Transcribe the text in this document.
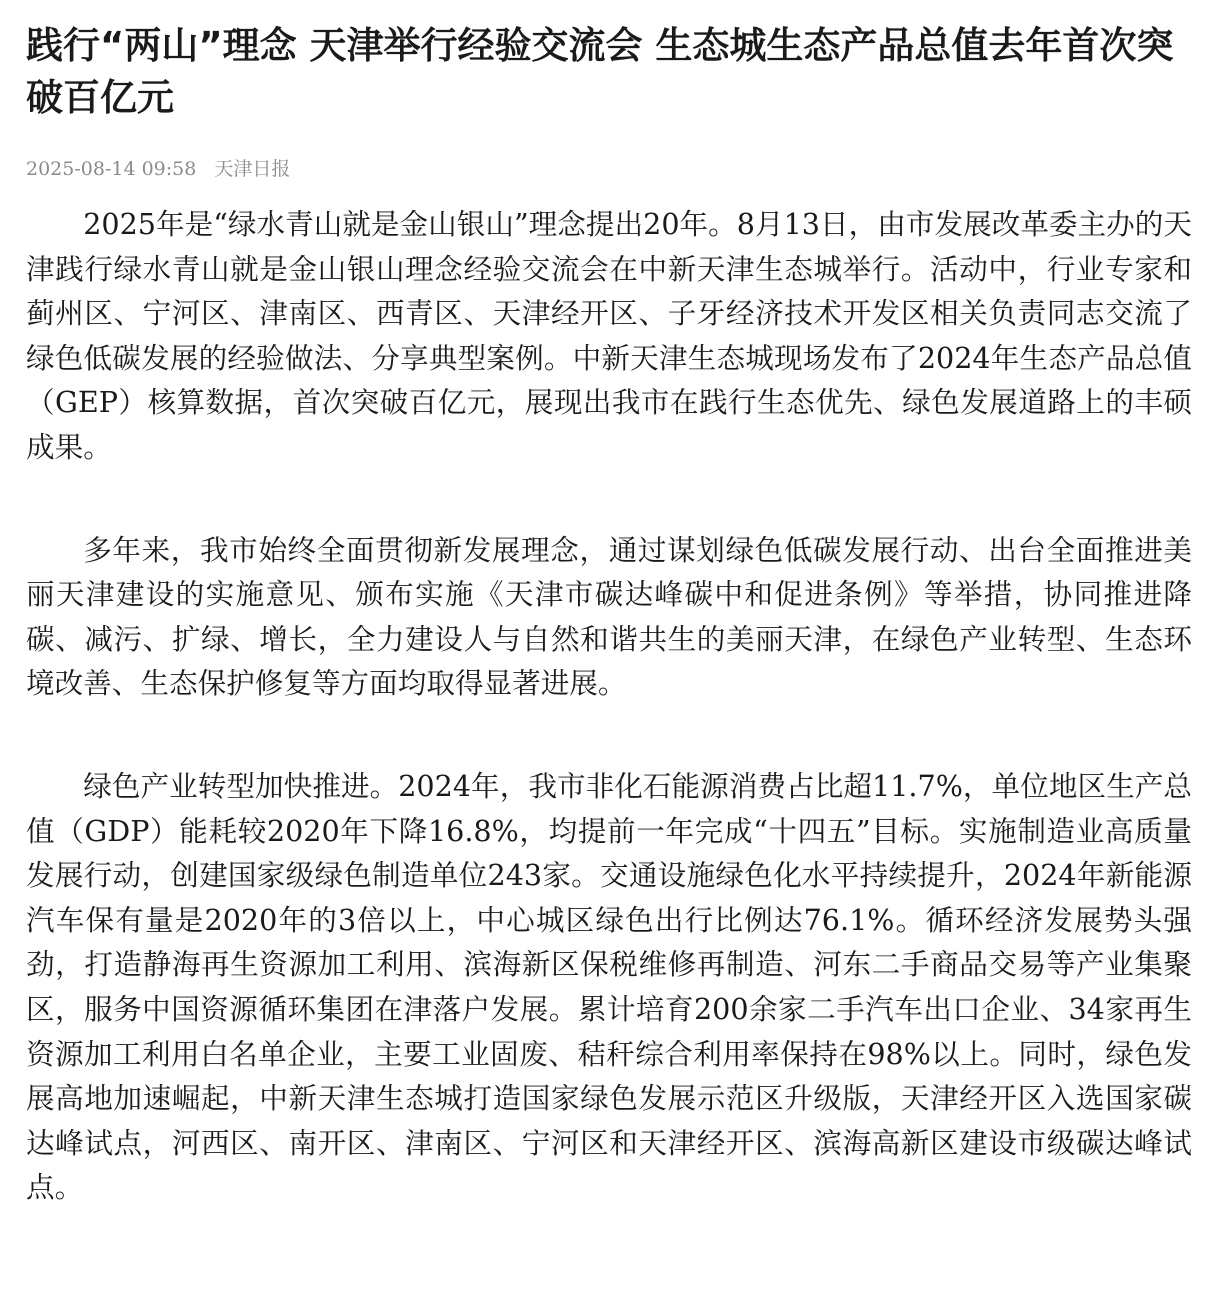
践行“两山”理念 天津举行经验交流会 生态城生态产品总值去年首次突破百亿元
2025-08-14 09:58 天津日报

2025年是“绿水青山就是金山银山”理念提出20年。8月13日，由市发展改革委主办的天津践行绿水青山就是金山银山理念经验交流会在中新天津生态城举行。活动中，行业专家和蓟州区、宁河区、津南区、西青区、天津经开区、子牙经济技术开发区相关负责同志交流了绿色低碳发展的经验做法、分享典型案例。中新天津生态城现场发布了2024年生态产品总值（GEP）核算数据，首次突破百亿元，展现出我市在践行生态优先、绿色发展道路上的丰硕成果。

多年来，我市始终全面贯彻新发展理念，通过谋划绿色低碳发展行动、出台全面推进美丽天津建设的实施意见、颁布实施《天津市碳达峰碳中和促进条例》等举措，协同推进降碳、减污、扩绿、增长，全力建设人与自然和谐共生的美丽天津，在绿色产业转型、生态环境改善、生态保护修复等方面均取得显著进展。

绿色产业转型加快推进。2024年，我市非化石能源消费占比超11.7%，单位地区生产总值（GDP）能耗较2020年下降16.8%，均提前一年完成“十四五”目标。实施制造业高质量发展行动，创建国家级绿色制造单位243家。交通设施绿色化水平持续提升，2024年新能源汽车保有量是2020年的3倍以上，中心城区绿色出行比例达76.1%。循环经济发展势头强劲，打造静海再生资源加工利用、滨海新区保税维修再制造、河东二手商品交易等产业集聚区，服务中国资源循环集团在津落户发展。累计培育200余家二手汽车出口企业、34家再生资源加工利用白名单企业，主要工业固废、秸秆综合利用率保持在98%以上。同时，绿色发展高地加速崛起，中新天津生态城打造国家绿色发展示范区升级版，天津经开区入选国家碳达峰试点，河西区、南开区、津南区、宁河区和天津经开区、滨海高新区建设市级碳达峰试点。
